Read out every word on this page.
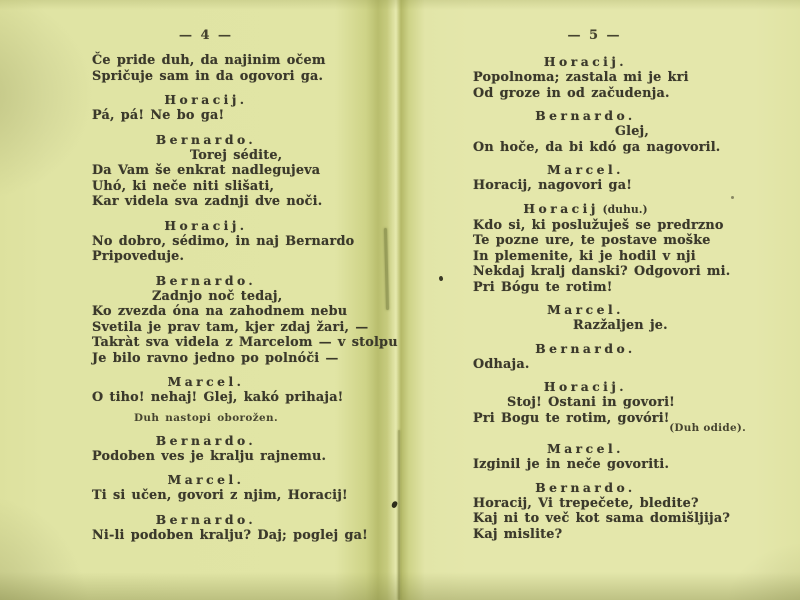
— 4 —
Če pride duh, da najinim očem
Spričuje sam in da ogovori ga.
Horacij.
Pá, pá! Ne bo ga!
Bernardo.
Torej sédite,
Da Vam še enkrat nadlegujeva
Uhó, ki neče niti slišati,
Kar videla sva zadnji dve noči.
Horacij.
No dobro, sédimo, in naj Bernardo
Pripoveduje.
Bernardo.
Zadnjo noč tedaj,
Ko zvezda óna na zahodnem nebu
Svetila je prav tam, kjer zdaj žari, —
Takràt sva videla z Marcelom — v stolpu
Je bilo ravno jedno po polnóči —
Marcel.
O tiho! nehaj! Glej, kakó prihaja!
Duh nastopi oborožen.
Bernardo.
Podoben ves je kralju rajnemu.
Marcel.
Ti si učen, govori z njim, Horacij!
Bernardo.
Ni-li podoben kralju? Daj; poglej ga!
— 5 —
Horacij.
Popolnoma; zastala mi je kri
Od groze in od začudenja.
Bernardo.
Glej,
On hoče, da bi kdó ga nagovoril.
Marcel.
Horacij, nagovori ga!
Horacij (duhu.)
Kdo si, ki poslužuješ se predrzno
Te pozne ure, te postave moške
In plemenite, ki je hodil v nji
Nekdaj kralj danski? Odgovori mi.
Pri Bógu te rotim!
Marcel.
Razžaljen je.
Bernardo.
Odhaja.
Horacij.
Stoj! Ostani in govori!
Pri Bogu te rotim, govóri!
(Duh odide).
Marcel.
Izginil je in neče govoriti.
Bernardo.
Horacij, Vi trepečete, bledite?
Kaj ni to več kot sama domišljija?
Kaj mislite?
